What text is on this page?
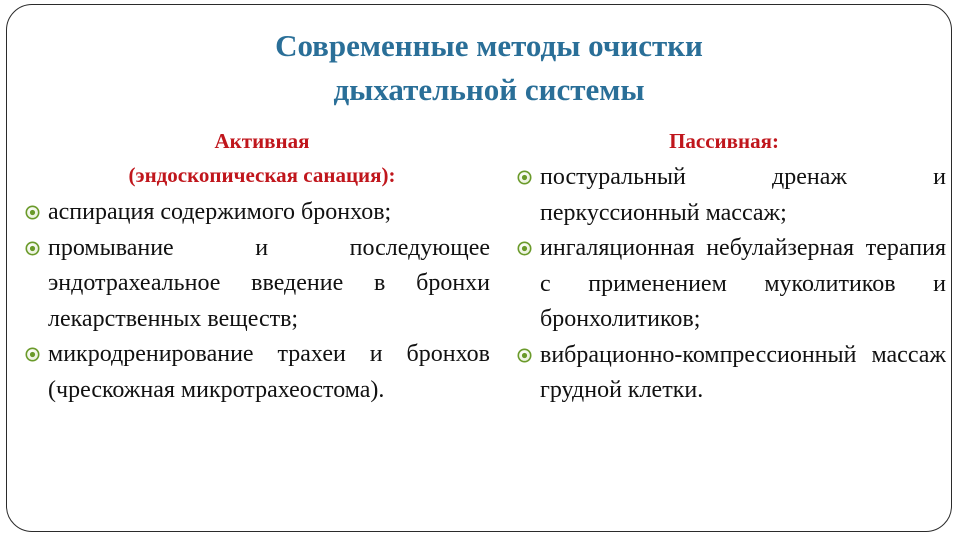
Современные методы очистки
дыхательной системы
Активная
(эндоскопическая санация):
Пассивная:
аспирация содержимого бронхов;
промывание и последующее эндотрахеальное введение в бронхи лекарственных веществ;
микродренирование трахеи и бронхов (чрескожная микротрахеостома).
постуральный дренаж и перкуссионный массаж;
ингаляционная небулайзерная терапия с применением муколитиков и бронхолитиков;
вибрационно-компрессионный массаж грудной клетки.
